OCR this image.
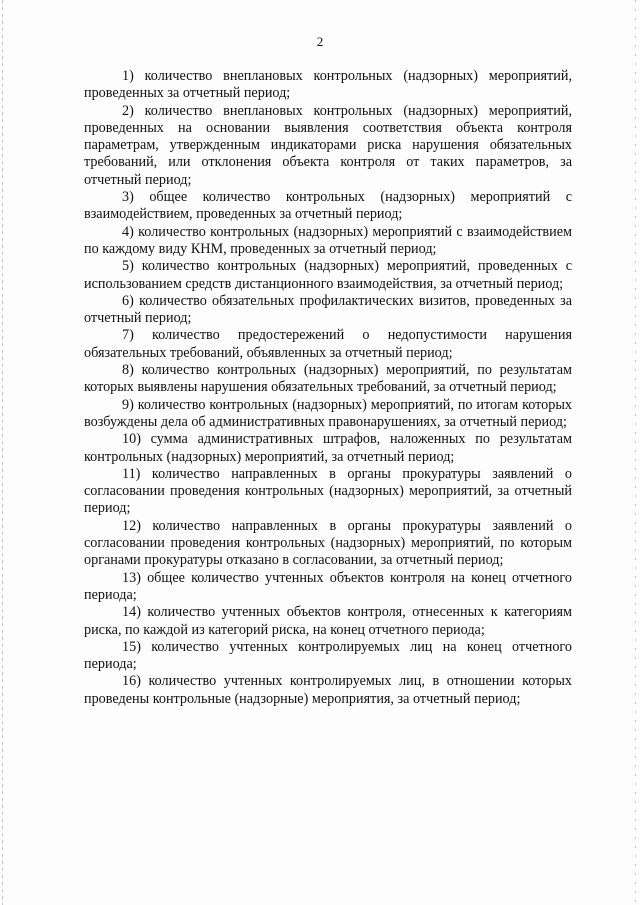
2

1) количество внеплановых контрольных (надзорных) мероприятий, проведенных за отчетный период;

2) количество внеплановых контрольных (надзорных) мероприятий, проведенных на основании выявления соответствия объекта контроля параметрам, утвержденным индикаторами риска нарушения обязательных требований, или отклонения объекта контроля от таких параметров, за отчетный период;

3) общее количество контрольных (надзорных) мероприятий с взаимодействием, проведенных за отчетный период;

4) количество контрольных (надзорных) мероприятий с взаимодействием по каждому виду КНМ, проведенных за отчетный период;

5) количество контрольных (надзорных) мероприятий, проведенных с использованием средств дистанционного взаимодействия, за отчетный период;

6) количество обязательных профилактических визитов, проведенных за отчетный период;

7) количество предостережений о недопустимости нарушения обязательных требований, объявленных за отчетный период;

8) количество контрольных (надзорных) мероприятий, по результатам которых выявлены нарушения обязательных требований, за отчетный период;

9) количество контрольных (надзорных) мероприятий, по итогам которых возбуждены дела об административных правонарушениях, за отчетный период;

10) сумма административных штрафов, наложенных по результатам контрольных (надзорных) мероприятий, за отчетный период;

11) количество направленных в органы прокуратуры заявлений о согласовании проведения контрольных (надзорных) мероприятий, за отчетный период;

12) количество направленных в органы прокуратуры заявлений о согласовании проведения контрольных (надзорных) мероприятий, по которым органами прокуратуры отказано в согласовании, за отчетный период;

13) общее количество учтенных объектов контроля на конец отчетного периода;

14) количество учтенных объектов контроля, отнесенных к категориям риска, по каждой из категорий риска, на конец отчетного периода;

15) количество учтенных контролируемых лиц на конец отчетного периода;

16) количество учтенных контролируемых лиц, в отношении которых проведены контрольные (надзорные) мероприятия, за отчетный период;
